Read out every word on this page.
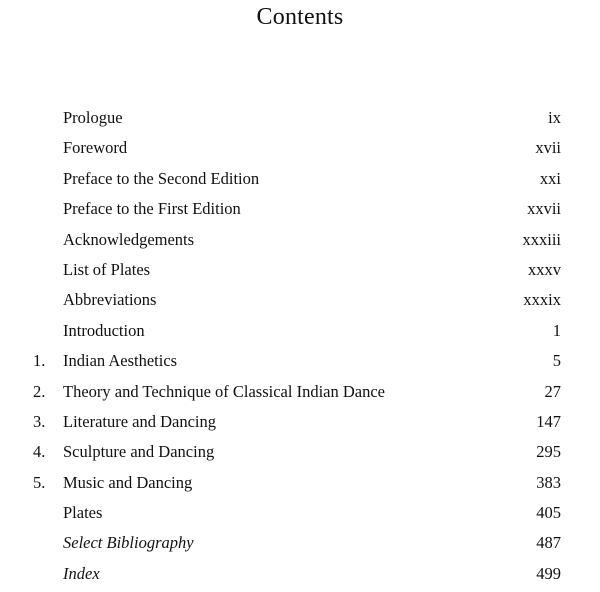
Contents
Prologue	ix
Foreword	xvii
Preface to the Second Edition	xxi
Preface to the First Edition	xxvii
Acknowledgements	xxxiii
List of Plates	xxxv
Abbreviations	xxxix
Introduction	1
1.	Indian Aesthetics	5
2.	Theory and Technique of Classical Indian Dance	27
3.	Literature and Dancing	147
4.	Sculpture and Dancing	295
5.	Music and Dancing	383
Plates	405
Select Bibliography	487
Index	499
